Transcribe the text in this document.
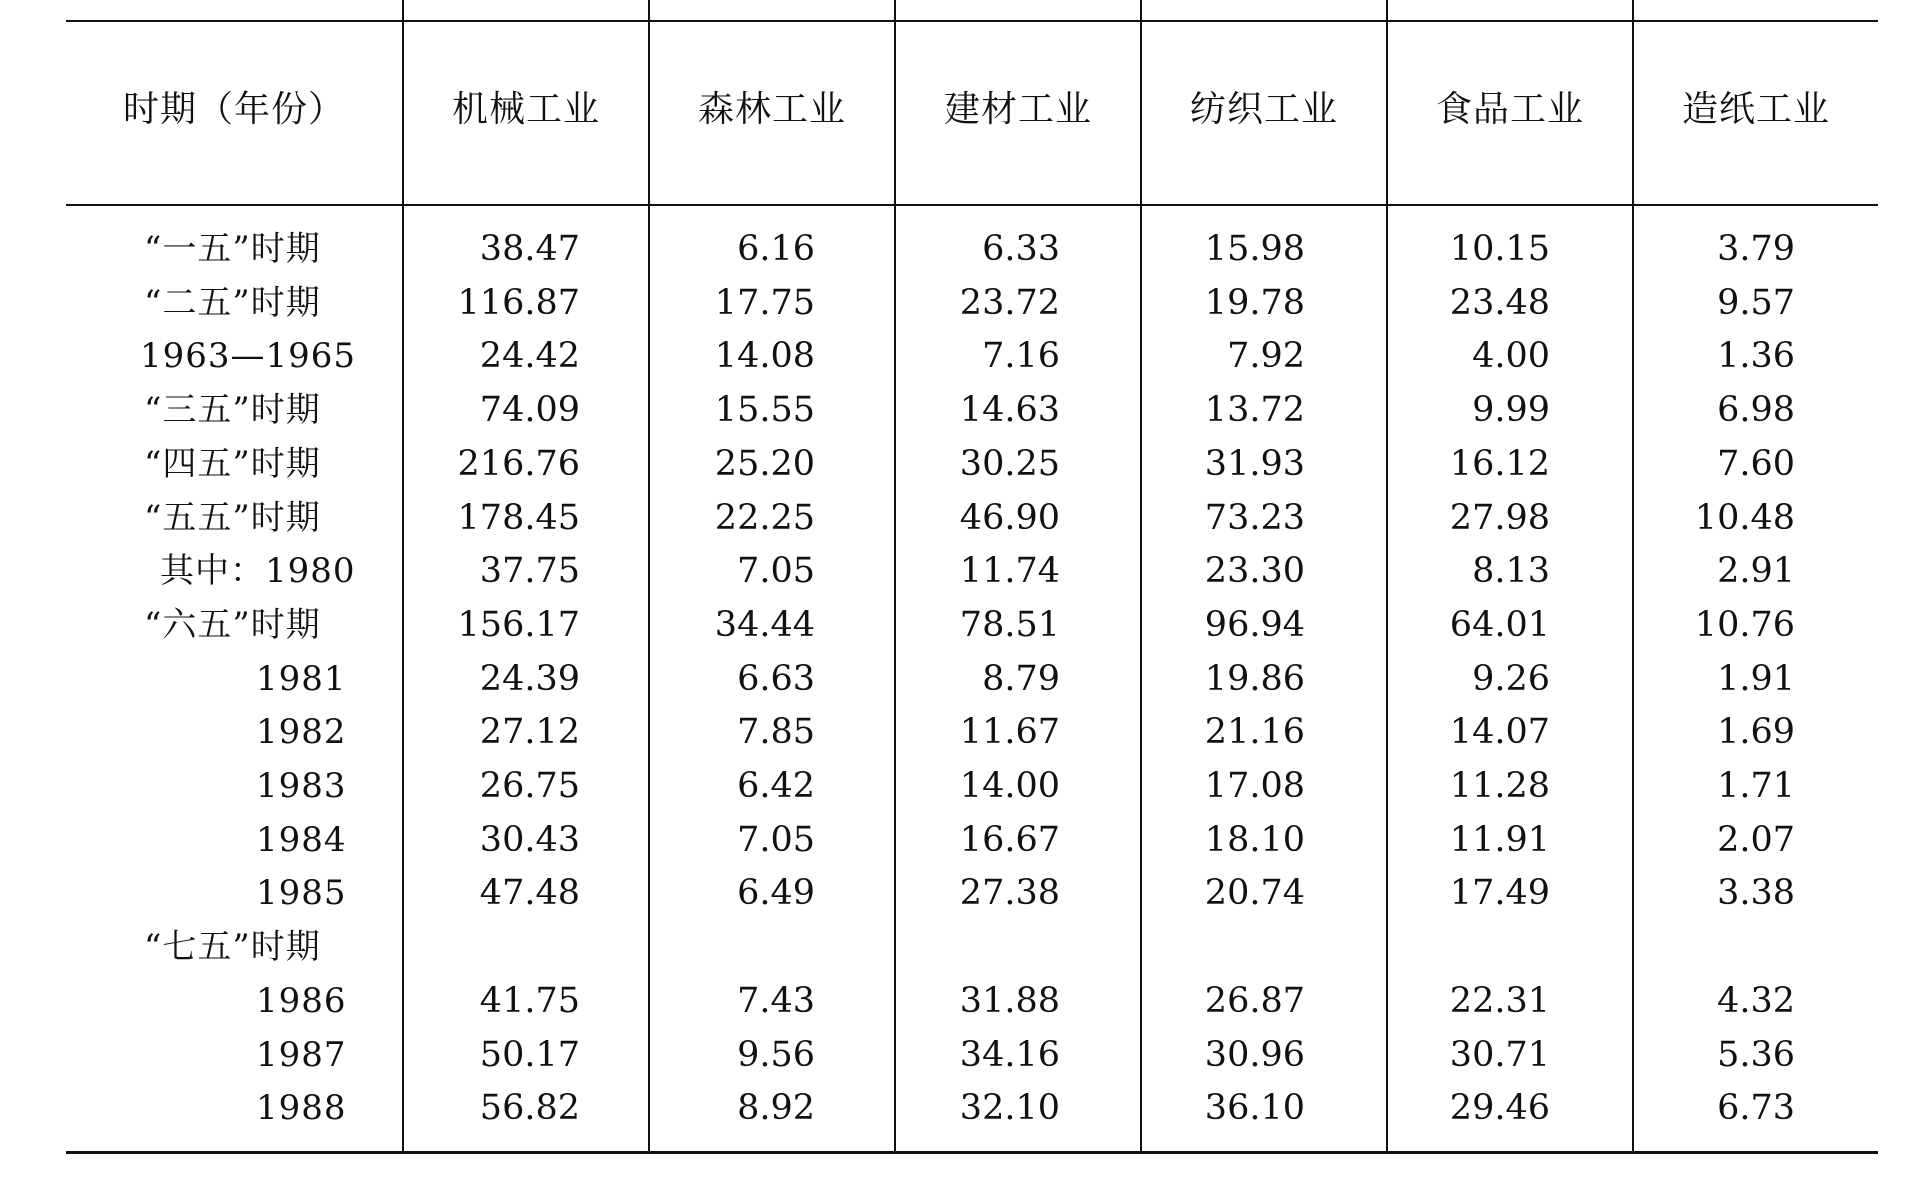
时期（年份）	机械工业	森林工业	建材工业	纺织工业	食品工业	造纸工业
“一五”时期	38.47	6.16	6.33	15.98	10.15	3.79
“二五”时期	116.87	17.75	23.72	19.78	23.48	9.57
1963—1965	24.42	14.08	7.16	7.92	4.00	1.36
“三五”时期	74.09	15.55	14.63	13.72	9.99	6.98
“四五”时期	216.76	25.20	30.25	31.93	16.12	7.60
“五五”时期	178.45	22.25	46.90	73.23	27.98	10.48
其中：1980	37.75	7.05	11.74	23.30	8.13	2.91
“六五”时期	156.17	34.44	78.51	96.94	64.01	10.76
1981	24.39	6.63	8.79	19.86	9.26	1.91
1982	27.12	7.85	11.67	21.16	14.07	1.69
1983	26.75	6.42	14.00	17.08	11.28	1.71
1984	30.43	7.05	16.67	18.10	11.91	2.07
1985	47.48	6.49	27.38	20.74	17.49	3.38
“七五”时期
1986	41.75	7.43	31.88	26.87	22.31	4.32
1987	50.17	9.56	34.16	30.96	30.71	5.36
1988	56.82	8.92	32.10	36.10	29.46	6.73
